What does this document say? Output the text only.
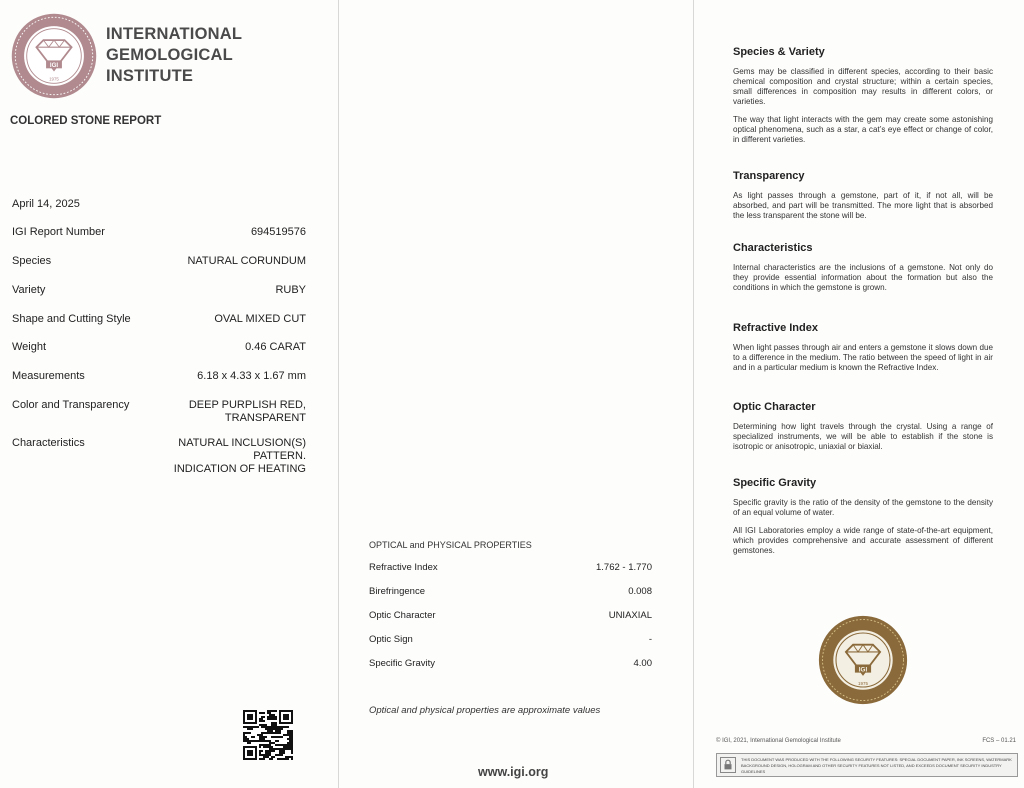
IGI
1975
INTERNATIONAL
GEMOLOGICAL
INSTITUTE
COLORED STONE REPORT
April 14, 2025
IGI Report Number	694519576
Species	NATURAL CORUNDUM
Variety	RUBY
Shape and Cutting Style	OVAL MIXED CUT
Weight	0.46 CARAT
Measurements	6.18 x 4.33 x 1.67 mm
Color and Transparency	DEEP PURPLISH RED,
TRANSPARENT
Characteristics	NATURAL INCLUSION(S)
PATTERN.
INDICATION OF HEATING
OPTICAL and PHYSICAL PROPERTIES
Refractive Index	1.762 - 1.770
Birefringence	0.008
Optic Character	UNIAXIAL
Optic Sign	-
Specific Gravity	4.00
Optical and physical properties are approximate values
www.igi.org
Species & Variety

Gems may be classified in different species, according to their basic chemical composition and crystal structure; within a certain species, small differences in composition may results in different colors, or varieties.

The way that light interacts with the gem may create some astonishing optical phenomena, such as a star, a cat’s eye effect or change of color, in different varieties.

Transparency

As light passes through a gemstone, part of it, if not all, will be absorbed, and part will be transmitted. The more light that is absorbed the less transparent the stone will be.

Characteristics

Internal characteristics are the inclusions of a gemstone. Not only do they provide essential information about the formation but also the conditions in which the gemstone is grown.

Refractive Index

When light passes through air and enters a gemstone it slows down due to a difference in the medium. The ratio between the speed of light in air and in a particular medium is known the Refractive Index.

Optic Character

Determining how light travels through the crystal. Using a range of specialized instruments, we will be able to establish if the stone is isotropic or anisotropic, uniaxial or biaxial.

Specific Gravity

Specific gravity is the ratio of the density of the gemstone to the density of an equal volume of water.

All IGI Laboratories employ a wide range of state-of-the-art equipment, which provides comprehensive and accurate assessment of different gemstones.

IGI
1975
© IGI, 2021, International Gemological Institute	FCS – 01.21
THIS DOCUMENT WAS PRODUCED WITH THE FOLLOWING SECURITY FEATURES: SPECIAL DOCUMENT PAPER, INK SCREENS, WATERMARK BACKGROUND DESIGN, HOLOGRAM AND OTHER SECURITY FEATURES NOT LISTED, AND EXCEEDS DOCUMENT SECURITY INDUSTRY GUIDELINES
